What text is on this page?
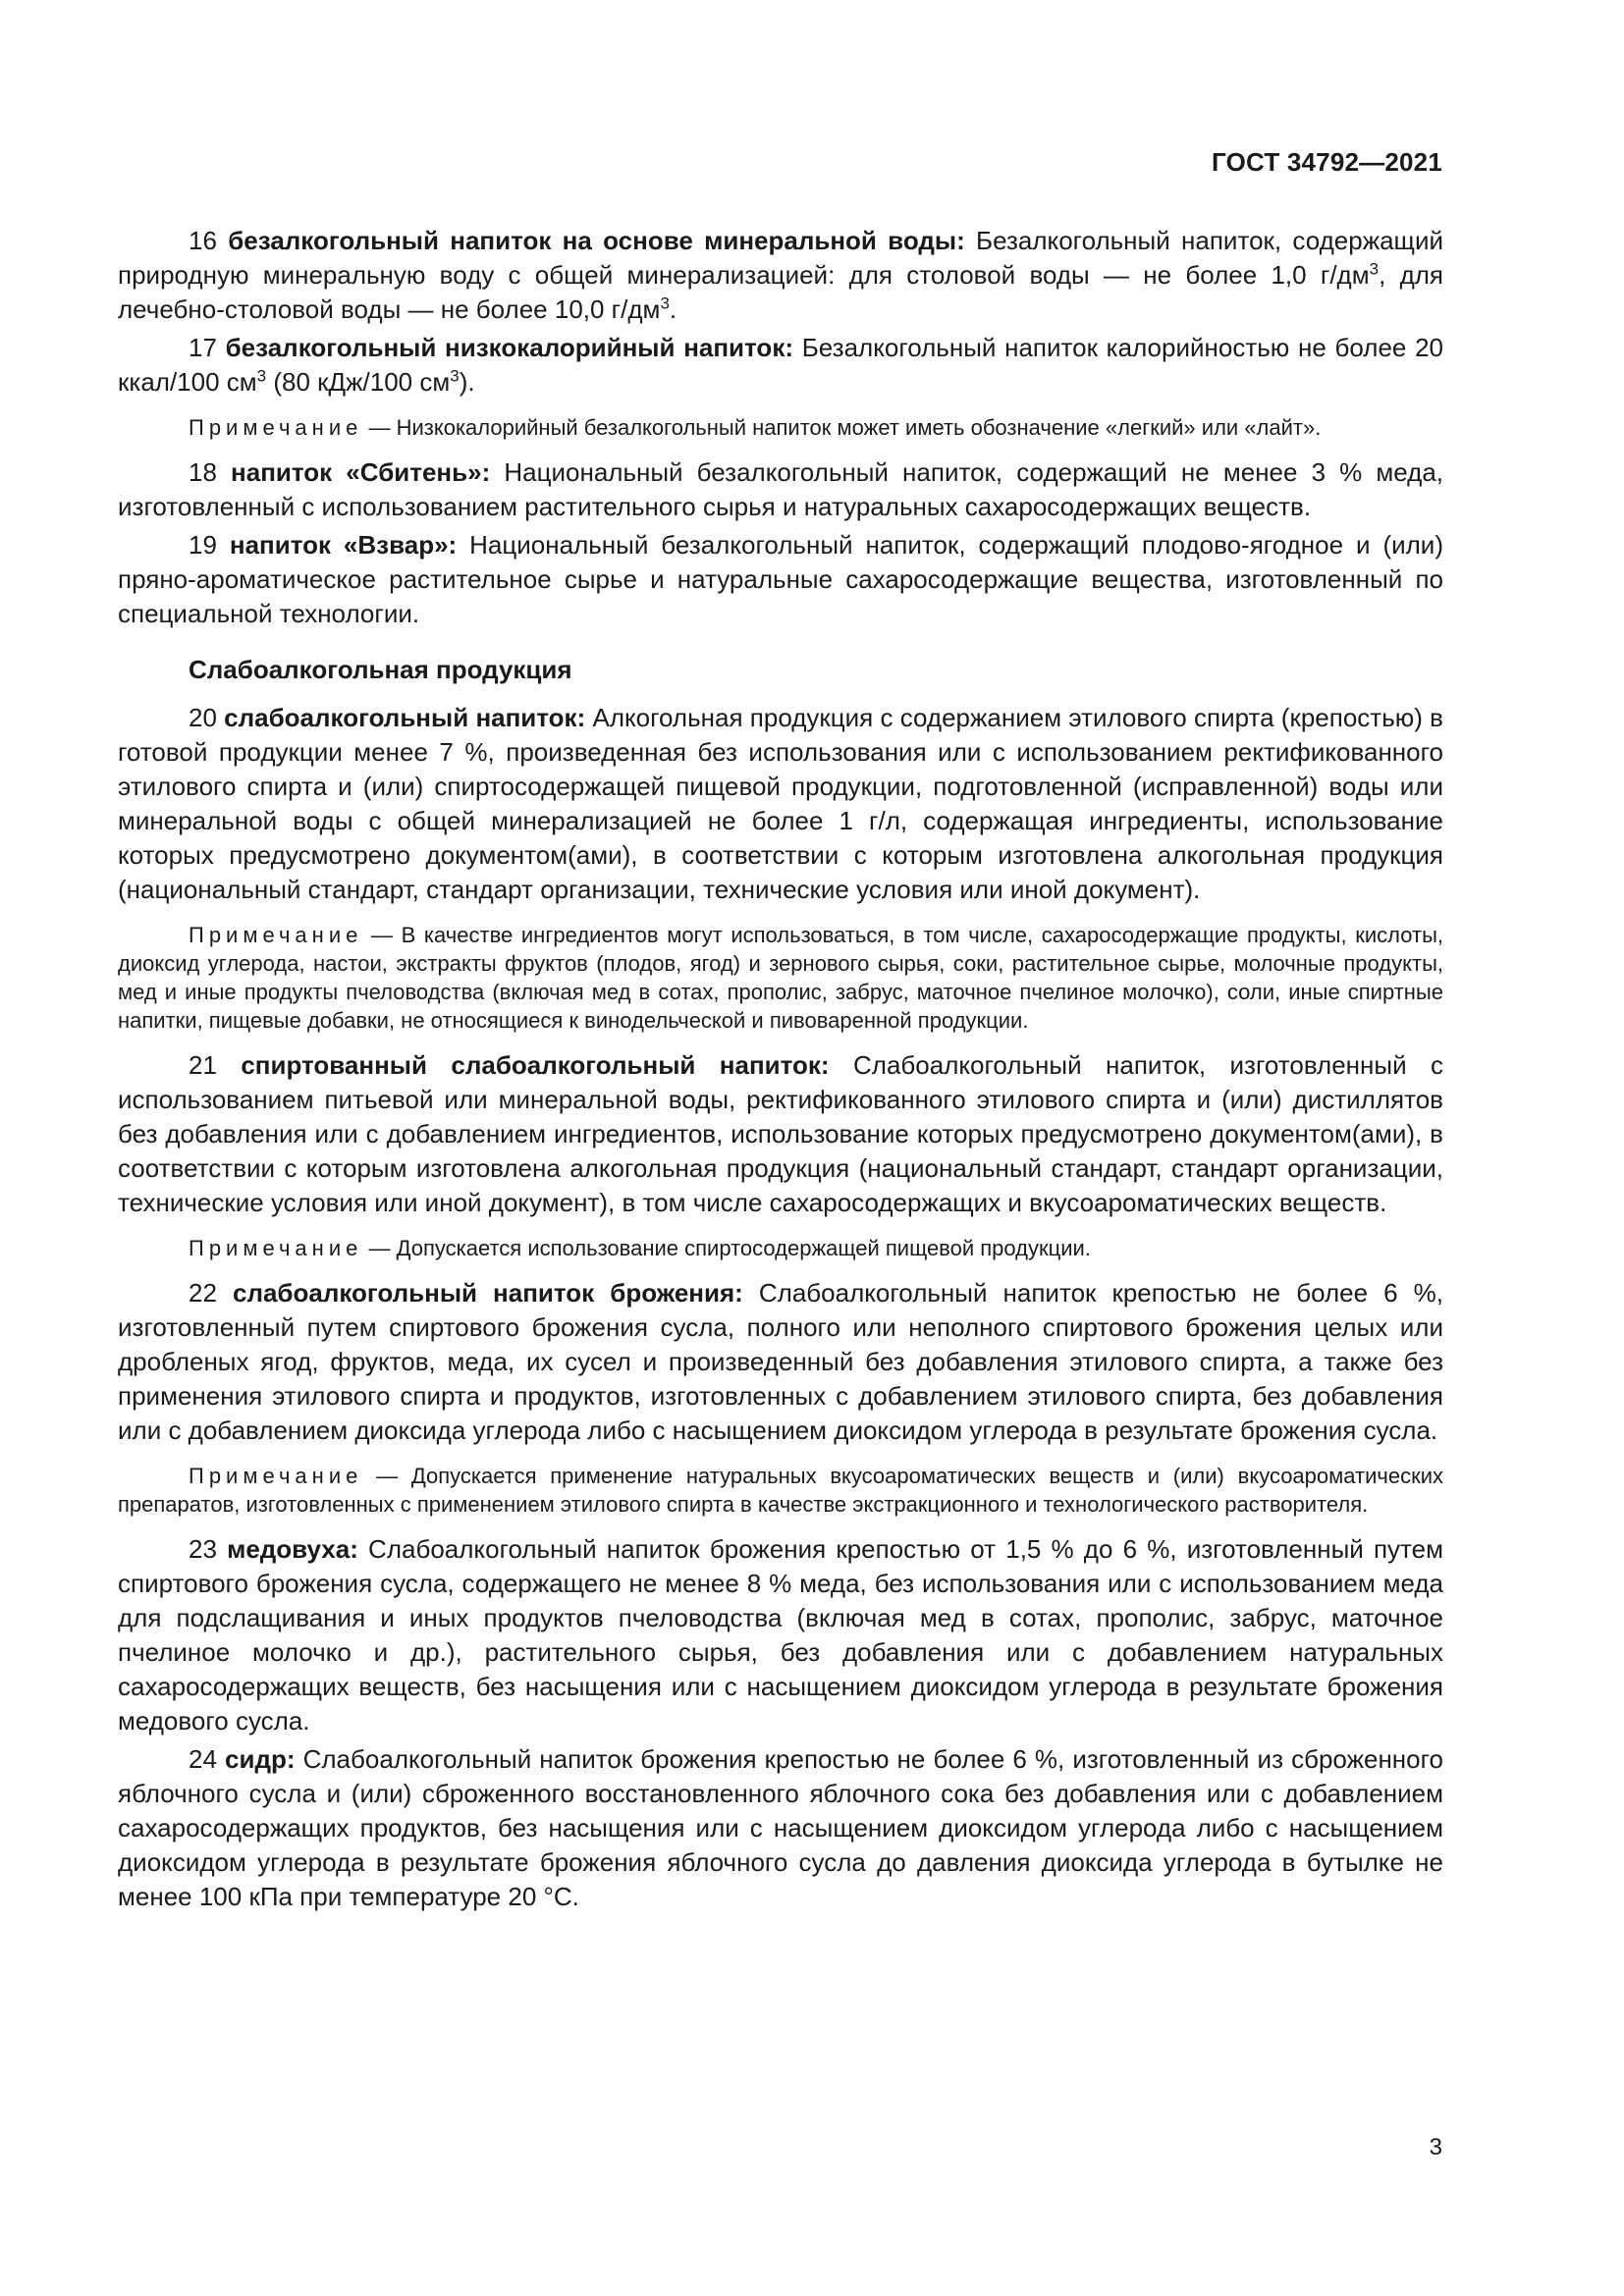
ГОСТ 34792—2021

16 безалкогольный напиток на основе минеральной воды: Безалкогольный напиток, содержащий природную минеральную воду с общей минерализацией: для столовой воды — не более 1,0 $г/дм^3$, для лечебно-столовой воды — не более 10,0 $г/дм^3$.

17 безалкогольный низкокалорийный напиток: Безалкогольный напиток калорийностью не более 20 ккал/100 $см^3$ (80 кДж/100 $см^3$).

Примечание — Низкокалорийный безалкогольный напиток может иметь обозначение «легкий» или «лайт».

18 напиток «Сбитень»: Национальный безалкогольный напиток, содержащий не менее 3 % меда, изготовленный с использованием растительного сырья и натуральных сахаросодержащих веществ.

19 напиток «Взвар»: Национальный безалкогольный напиток, содержащий плодово-ягодное и (или) пряно-ароматическое растительное сырье и натуральные сахаросодержащие вещества, изготовленный по специальной технологии.

Слабоалкогольная продукция

20 слабоалкогольный напиток: Алкогольная продукция с содержанием этилового спирта (крепостью) в готовой продукции менее 7 %, произведенная без использования или с использованием ректификованного этилового спирта и (или) спиртосодержащей пищевой продукции, подготовленной (исправленной) воды или минеральной воды с общей минерализацией не более 1 г/л, содержащая ингредиенты, использование которых предусмотрено документом(ами), в соответствии с которым изготовлена алкогольная продукция (национальный стандарт, стандарт организации, технические условия или иной документ).

Примечание — В качестве ингредиентов могут использоваться, в том числе, сахаросодержащие продукты, кислоты, диоксид углерода, настои, экстракты фруктов (плодов, ягод) и зернового сырья, соки, растительное сырье, молочные продукты, мед и иные продукты пчеловодства (включая мед в сотах, прополис, забрус, маточное пчелиное молочко), соли, иные спиртные напитки, пищевые добавки, не относящиеся к винодельческой и пивоваренной продукции.

21 спиртованный слабоалкогольный напиток: Слабоалкогольный напиток, изготовленный с использованием питьевой или минеральной воды, ректификованного этилового спирта и (или) дистиллятов без добавления или с добавлением ингредиентов, использование которых предусмотрено документом(ами), в соответствии с которым изготовлена алкогольная продукция (национальный стандарт, стандарт организации, технические условия или иной документ), в том числе сахаросодержащих и вкусоароматических веществ.

Примечание — Допускается использование спиртосодержащей пищевой продукции.

22 слабоалкогольный напиток брожения: Слабоалкогольный напиток крепостью не более 6 %, изготовленный путем спиртового брожения сусла, полного или неполного спиртового брожения целых или дробленых ягод, фруктов, меда, их сусел и произведенный без добавления этилового спирта, а также без применения этилового спирта и продуктов, изготовленных с добавлением этилового спирта, без добавления или с добавлением диоксида углерода либо с насыщением диоксидом углерода в результате брожения сусла.

Примечание — Допускается применение натуральных вкусоароматических веществ и (или) вкусоароматических препаратов, изготовленных с применением этилового спирта в качестве экстракционного и технологического растворителя.

23 медовуха: Слабоалкогольный напиток брожения крепостью от 1,5 % до 6 %, изготовленный путем спиртового брожения сусла, содержащего не менее 8 % меда, без использования или с использованием меда для подслащивания и иных продуктов пчеловодства (включая мед в сотах, прополис, забрус, маточное пчелиное молочко и др.), растительного сырья, без добавления или с добавлением натуральных сахаросодержащих веществ, без насыщения или с насыщением диоксидом углерода в результате брожения медового сусла.

24 сидр: Слабоалкогольный напиток брожения крепостью не более 6 %, изготовленный из сброженного яблочного сусла и (или) сброженного восстановленного яблочного сока без добавления или с добавлением сахаросодержащих продуктов, без насыщения или с насыщением диоксидом углерода либо с насыщением диоксидом углерода в результате брожения яблочного сусла до давления диоксида углерода в бутылке не менее 100 кПа при температуре 20 °С.

3
